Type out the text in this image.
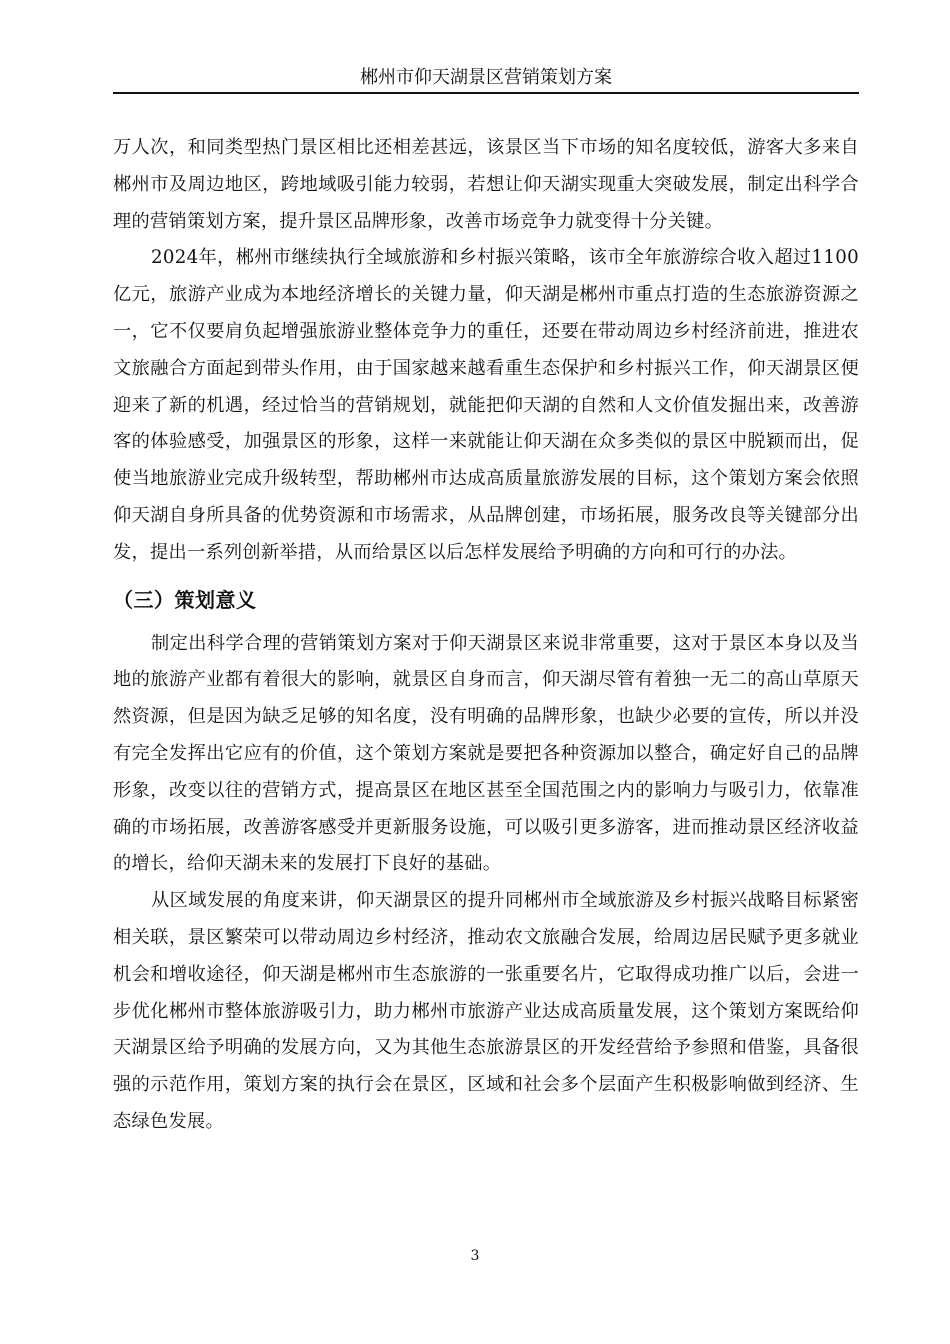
郴州市仰天湖景区营销策划方案

万人次，和同类型热门景区相比还相差甚远，该景区当下市场的知名度较低，游客大多来自郴州市及周边地区，跨地域吸引能力较弱，若想让仰天湖实现重大突破发展，制定出科学合理的营销策划方案，提升景区品牌形象，改善市场竞争力就变得十分关键。

2024年，郴州市继续执行全域旅游和乡村振兴策略，该市全年旅游综合收入超过1100亿元，旅游产业成为本地经济增长的关键力量，仰天湖是郴州市重点打造的生态旅游资源之一，它不仅要肩负起增强旅游业整体竞争力的重任，还要在带动周边乡村经济前进，推进农文旅融合方面起到带头作用，由于国家越来越看重生态保护和乡村振兴工作，仰天湖景区便迎来了新的机遇，经过恰当的营销规划，就能把仰天湖的自然和人文价值发掘出来，改善游客的体验感受，加强景区的形象，这样一来就能让仰天湖在众多类似的景区中脱颖而出，促使当地旅游业完成升级转型，帮助郴州市达成高质量旅游发展的目标，这个策划方案会依照仰天湖自身所具备的优势资源和市场需求，从品牌创建，市场拓展，服务改良等关键部分出发，提出一系列创新举措，从而给景区以后怎样发展给予明确的方向和可行的办法。

（三）策划意义

制定出科学合理的营销策划方案对于仰天湖景区来说非常重要，这对于景区本身以及当地的旅游产业都有着很大的影响，就景区自身而言，仰天湖尽管有着独一无二的高山草原天然资源，但是因为缺乏足够的知名度，没有明确的品牌形象，也缺少必要的宣传，所以并没有完全发挥出它应有的价值，这个策划方案就是要把各种资源加以整合，确定好自己的品牌形象，改变以往的营销方式，提高景区在地区甚至全国范围之内的影响力与吸引力，依靠准确的市场拓展，改善游客感受并更新服务设施，可以吸引更多游客，进而推动景区经济收益的增长，给仰天湖未来的发展打下良好的基础。

从区域发展的角度来讲，仰天湖景区的提升同郴州市全域旅游及乡村振兴战略目标紧密相关联，景区繁荣可以带动周边乡村经济，推动农文旅融合发展，给周边居民赋予更多就业机会和增收途径，仰天湖是郴州市生态旅游的一张重要名片，它取得成功推广以后，会进一步优化郴州市整体旅游吸引力，助力郴州市旅游产业达成高质量发展，这个策划方案既给仰天湖景区给予明确的发展方向，又为其他生态旅游景区的开发经营给予参照和借鉴，具备很强的示范作用，策划方案的执行会在景区，区域和社会多个层面产生积极影响做到经济、生态绿色发展。

3
